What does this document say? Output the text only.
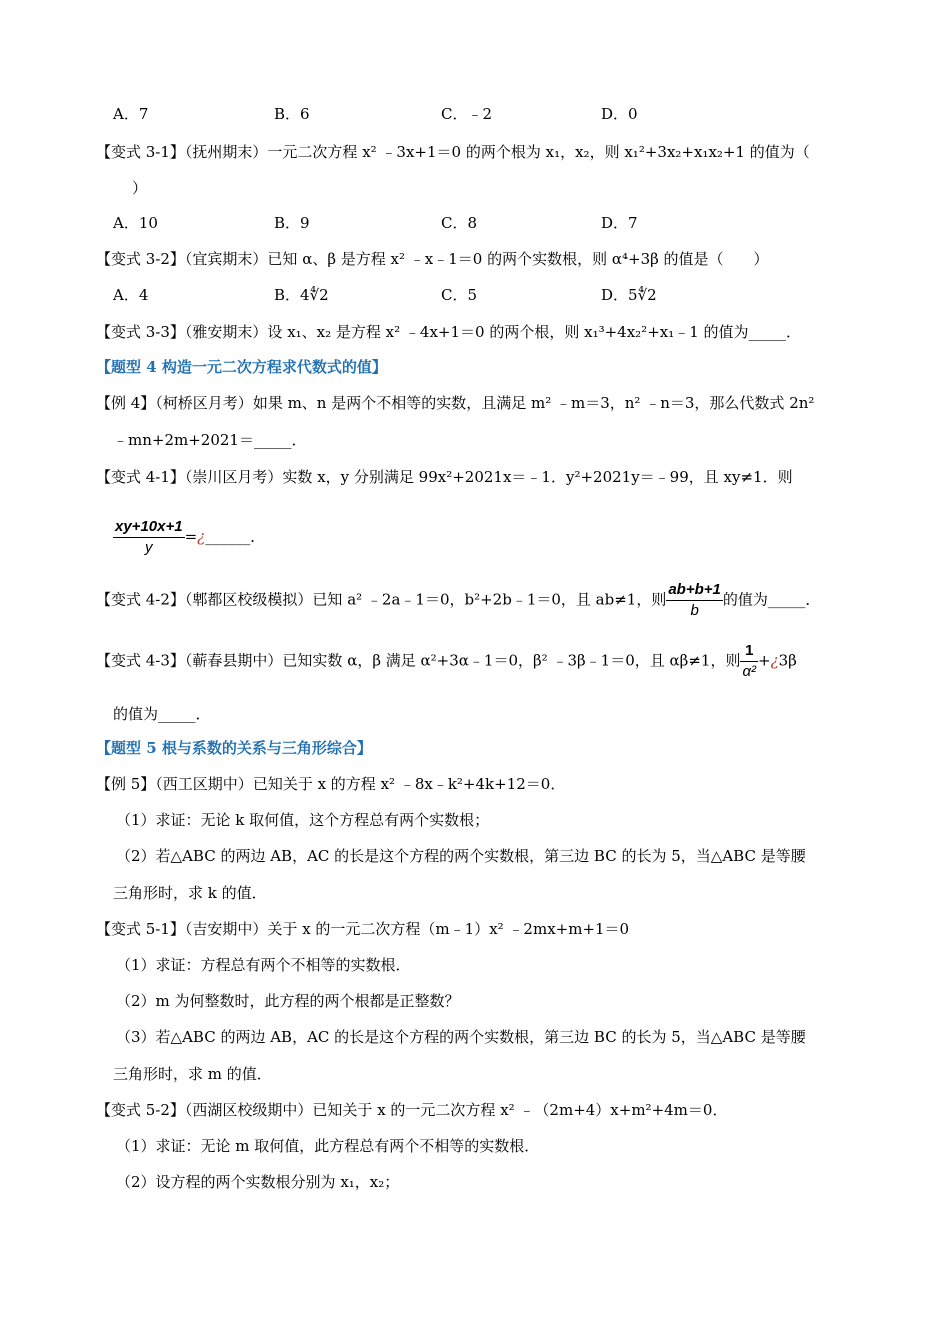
A．7	B．6	C．﹣2	D．0
【变式 3-1】（抚州期末）一元二次方程 x² ﹣3x+1＝0 的两个根为 x₁，x₂，则 x₁²+3x₂+x₁x₂+1 的值为（
）
A．10	B．9	C．8	D．7
【变式 3-2】（宜宾期末）已知 α、β 是方程 x² ﹣x﹣1＝0 的两个实数根，则 α⁴+3β 的值是（　　）
A．4	B．4∜2	C．5	D．5∜2
【变式 3-3】（雅安期末）设 x₁、x₂ 是方程 x² ﹣4x+1＝0 的两个根，则 x₁³+4x₂²+x₁﹣1 的值为_____．
【题型 4 构造一元二次方程求代数式的值】
【例 4】（柯桥区月考）如果 m、n 是两个不相等的实数，且满足 m² ﹣m＝3，n² ﹣n＝3，那么代数式 2n²
﹣mn+2m+2021＝_____．
【变式 4-1】（崇川区月考）实数 x，y 分别满足 99x²+2021x＝﹣1．y²+2021y＝﹣99，且 xy≠1．则
$\frac{xy+10x+1}{y}$ =¿______．
【变式 4-2】（郫都区校级模拟）已知 a² ﹣2a﹣1＝0，b²+2b﹣1＝0，且 ab≠1，则 $\frac{ab+b+1}{b}$ 的值为_____．
【变式 4-3】（蕲春县期中）已知实数 α，β 满足 α²+3α﹣1＝0，β² ﹣3β﹣1＝0，且 αβ≠1，则 $\frac{1}{\text{α²}}$ +¿3β
的值为_____．
【题型 5 根与系数的关系与三角形综合】
【例 5】（西工区期中）已知关于 x 的方程 x² ﹣8x﹣k²+4k+12＝0．
（1）求证：无论 k 取何值，这个方程总有两个实数根；
（2）若△ABC 的两边 AB，AC 的长是这个方程的两个实数根，第三边 BC 的长为 5，当△ABC 是等腰
三角形时，求 k 的值．
【变式 5-1】（吉安期中）关于 x 的一元二次方程（m﹣1）x² ﹣2mx+m+1＝0
（1）求证：方程总有两个不相等的实数根．
（2）m 为何整数时，此方程的两个根都是正整数？
（3）若△ABC 的两边 AB，AC 的长是这个方程的两个实数根，第三边 BC 的长为 5，当△ABC 是等腰
三角形时，求 m 的值．
【变式 5-2】（西湖区校级期中）已知关于 x 的一元二次方程 x² ﹣（2m+4）x+m²+4m＝0．
（1）求证：无论 m 取何值，此方程总有两个不相等的实数根．
（2）设方程的两个实数根分别为 x₁，x₂；
